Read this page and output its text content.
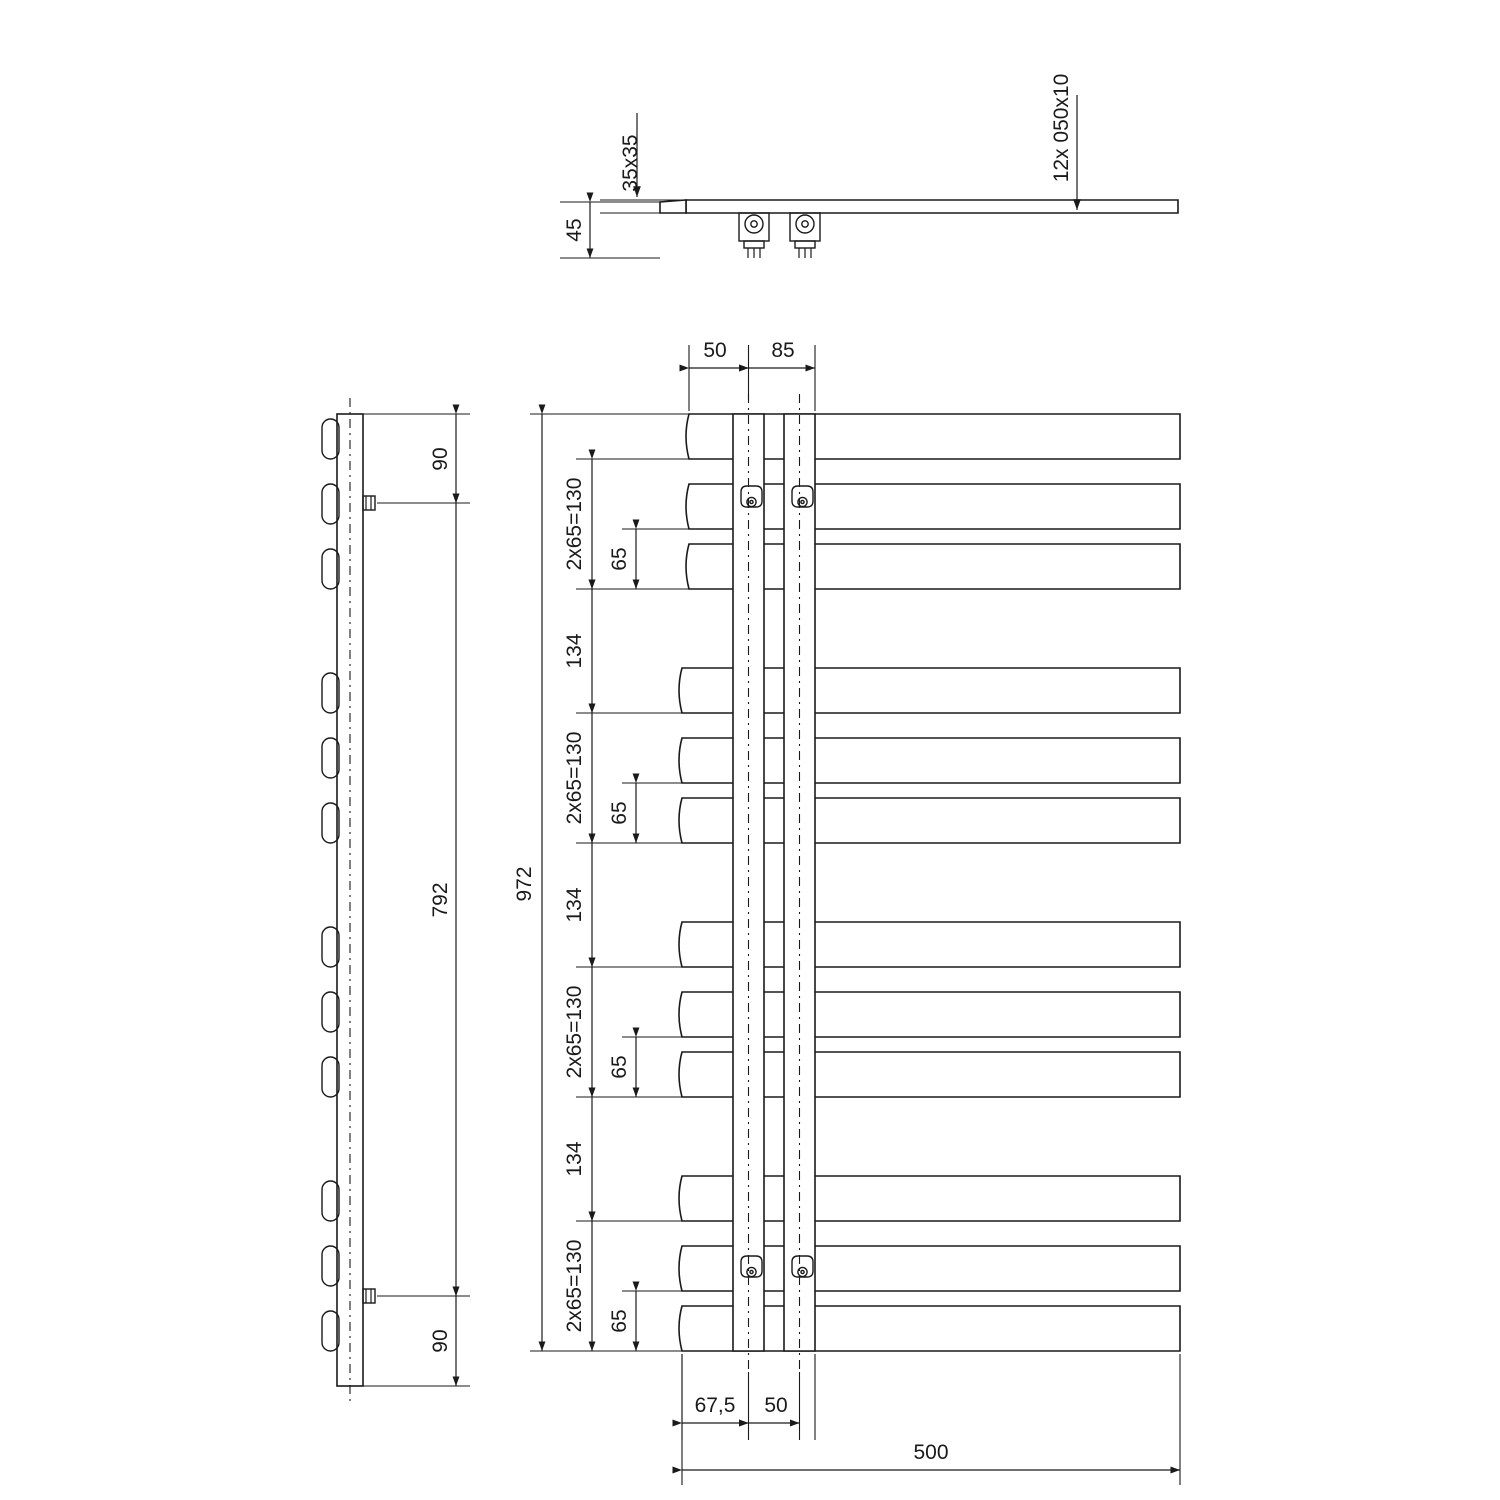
35x35
45
12x 050x10
90
792
90
50 85
972
2x65=130
2x65=130
2x65=130
2x65=130
134
134
134
65
65
65
65
67,5 50
500
